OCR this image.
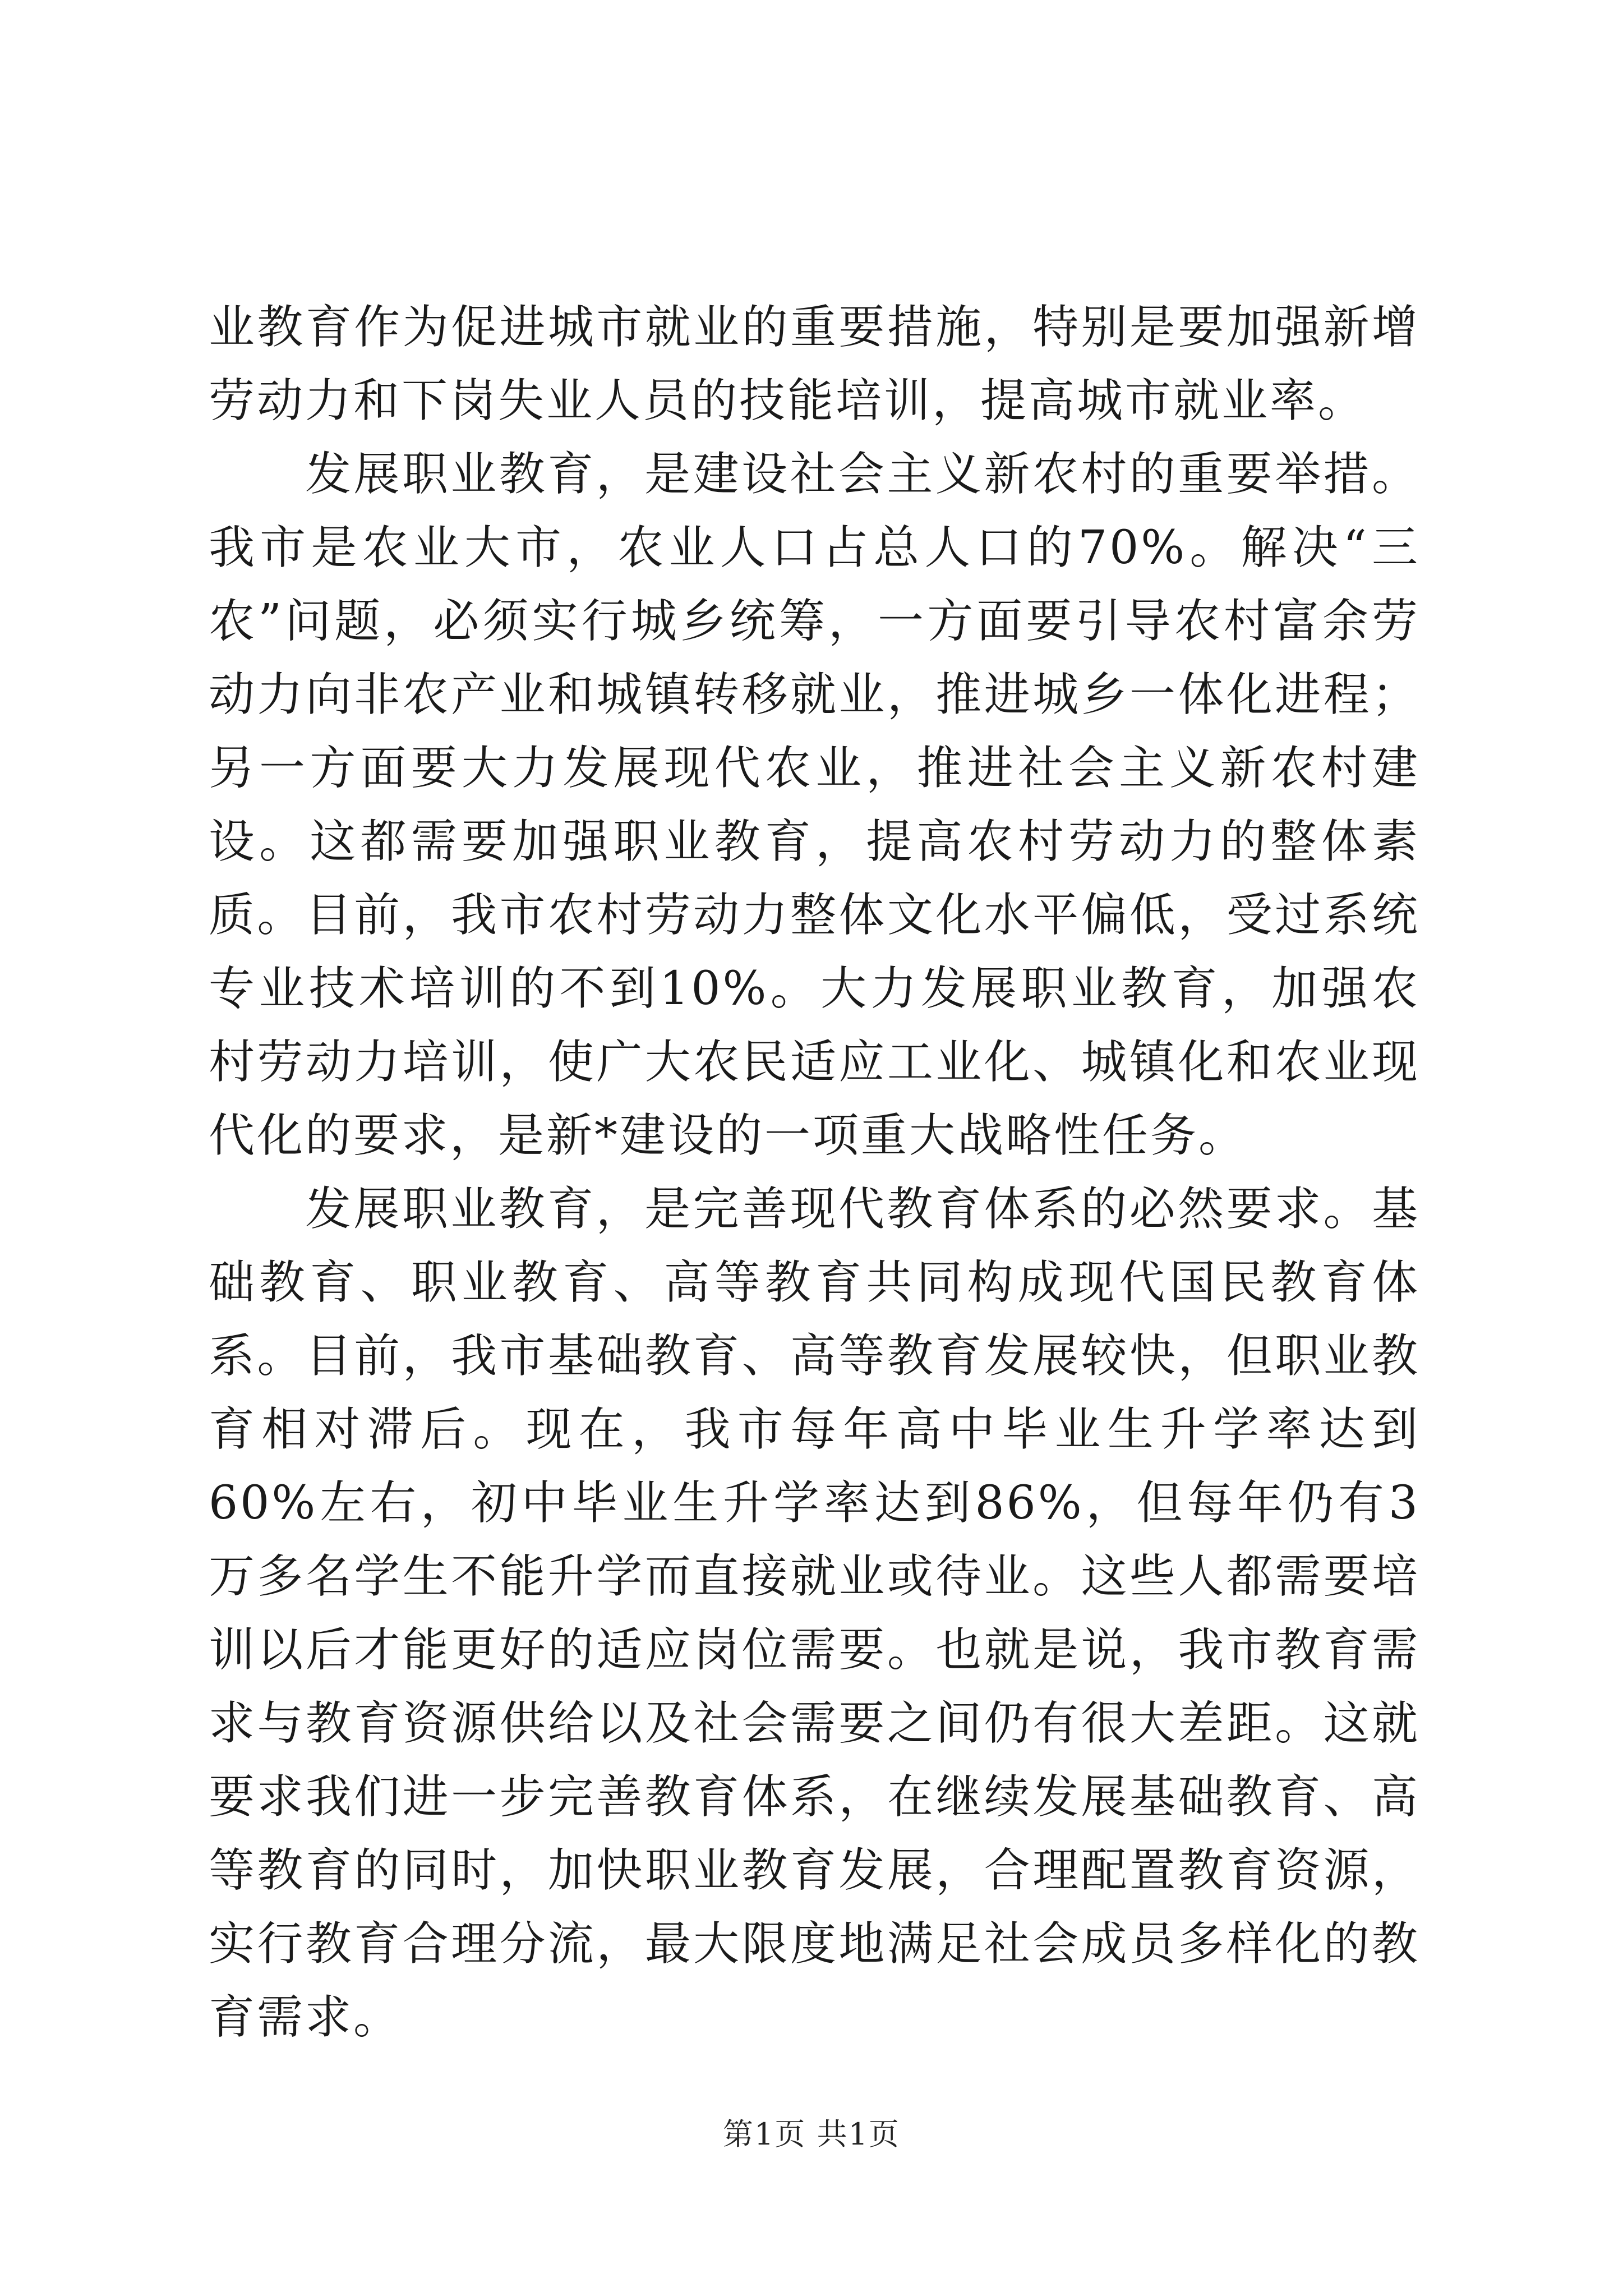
业教育作为促进城市就业的重要措施，特别是要加强新增劳动力和下岗失业人员的技能培训，提高城市就业率。

发展职业教育，是建设社会主义新农村的重要举措。我市是农业大市，农业人口占总人口的70%。解决“三农”问题，必须实行城乡统筹，一方面要引导农村富余劳动力向非农产业和城镇转移就业，推进城乡一体化进程；另一方面要大力发展现代农业，推进社会主义新农村建设。这都需要加强职业教育，提高农村劳动力的整体素质。目前，我市农村劳动力整体文化水平偏低，受过系统专业技术培训的不到10%。大力发展职业教育，加强农村劳动力培训，使广大农民适应工业化、城镇化和农业现代化的要求，是新*建设的一项重大战略性任务。

发展职业教育，是完善现代教育体系的必然要求。基础教育、职业教育、高等教育共同构成现代国民教育体系。目前，我市基础教育、高等教育发展较快，但职业教育相对滞后。现在，我市每年高中毕业生升学率达到60%左右，初中毕业生升学率达到86%，但每年仍有3万多名学生不能升学而直接就业或待业。这些人都需要培训以后才能更好的适应岗位需要。也就是说，我市教育需求与教育资源供给以及社会需要之间仍有很大差距。这就要求我们进一步完善教育体系，在继续发展基础教育、高等教育的同时，加快职业教育发展，合理配置教育资源，实行教育合理分流，最大限度地满足社会成员多样化的教育需求。

第1页 共1页
